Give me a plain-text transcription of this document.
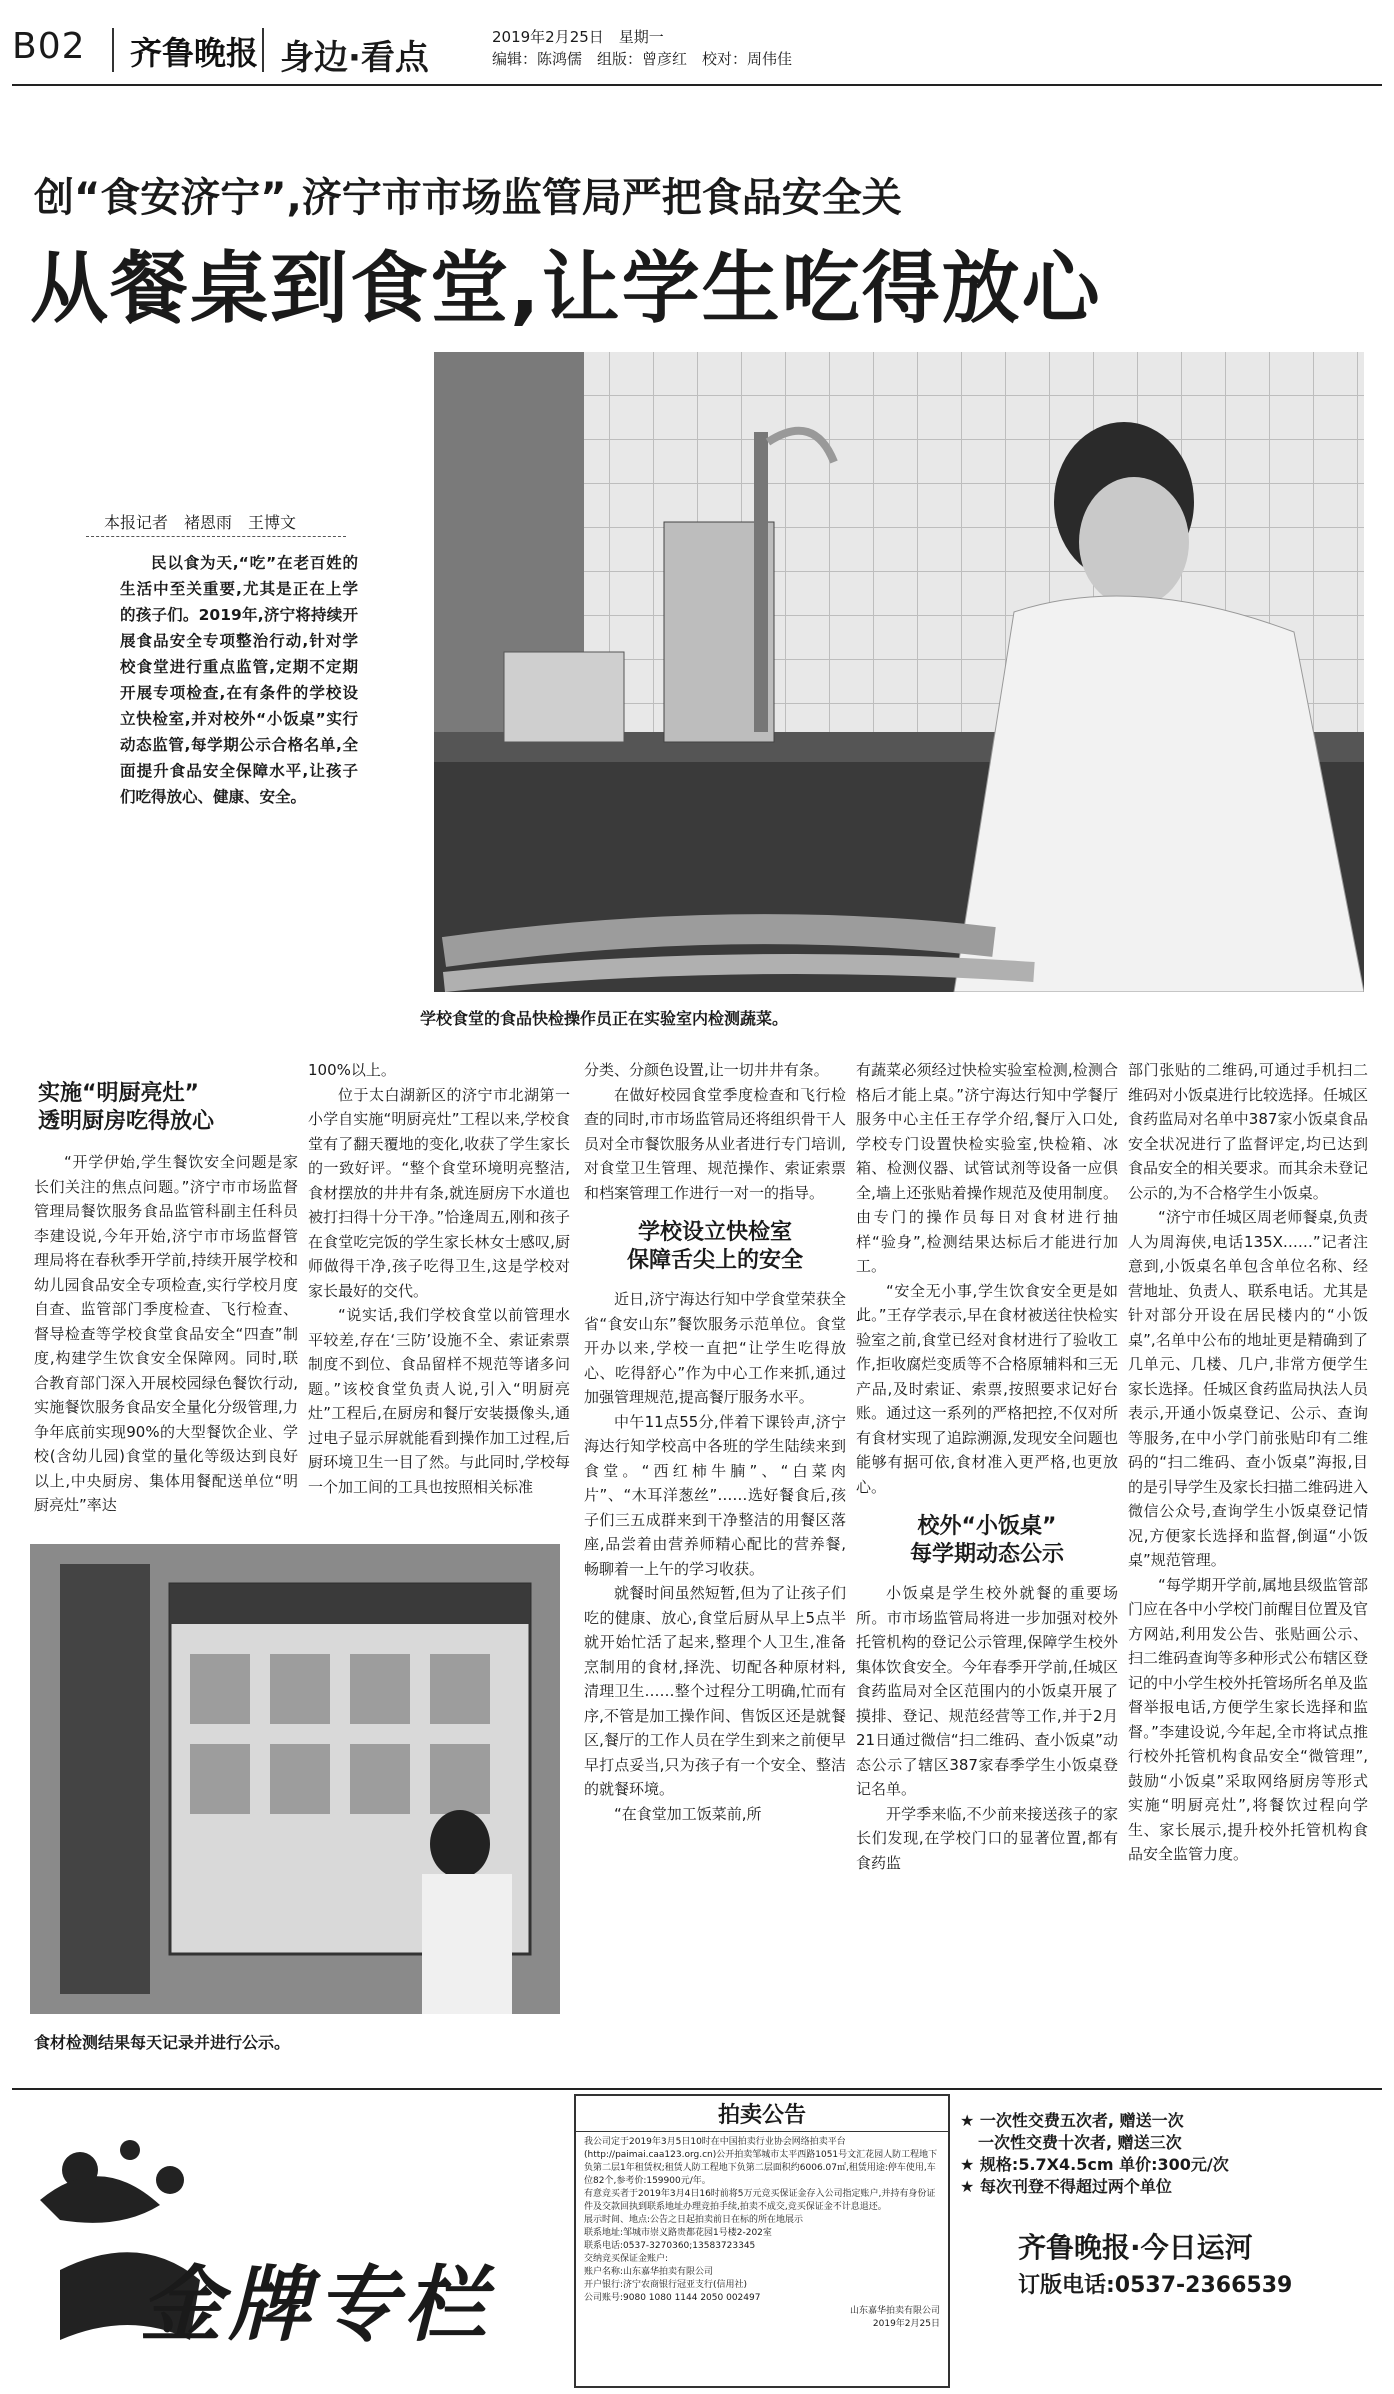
B02 齐鲁晚报 身边·看点
2019年2月25日　星期一
编辑：陈鸿儒　组版：曾彦红　校对：周伟佳
创“食安济宁”,济宁市市场监管局严把食品安全关
从餐桌到食堂,让学生吃得放心
本报记者　褚恩雨　王博文

民以食为天,“吃”在老百姓的生活中至关重要,尤其是正在上学的孩子们。2019年,济宁将持续开展食品安全专项整治行动,针对学校食堂进行重点监管,定期不定期开展专项检查,在有条件的学校设立快检室,并对校外“小饭桌”实行动态监管,每学期公示合格名单,全面提升食品安全保障水平,让孩子们吃得放心、健康、安全。

学校食堂的食品快检操作员正在实验室内检测蔬菜。
实施“明厨亮灶”
透明厨房吃得放心

“开学伊始,学生餐饮安全问题是家长们关注的焦点问题。”济宁市市场监督管理局餐饮服务食品监管科副主任科员李建设说,今年开始,济宁市市场监督管理局将在春秋季开学前,持续开展学校和幼儿园食品安全专项检查,实行学校月度自查、监管部门季度检查、飞行检查、督导检查等学校食堂食品安全“四查”制度,构建学生饮食安全保障网。同时,联合教育部门深入开展校园绿色餐饮行动,实施餐饮服务食品安全量化分级管理,力争年底前实现90%的大型餐饮企业、学校(含幼儿园)食堂的量化等级达到良好以上,中央厨房、集体用餐配送单位“明厨亮灶”率达

100%以上。

位于太白湖新区的济宁市北湖第一小学自实施“明厨亮灶”工程以来,学校食堂有了翻天覆地的变化,收获了学生家长的一致好评。“整个食堂环境明亮整洁,食材摆放的井井有条,就连厨房下水道也被打扫得十分干净。”恰逢周五,刚和孩子在食堂吃完饭的学生家长林女士感叹,厨师做得干净,孩子吃得卫生,这是学校对家长最好的交代。

“说实话,我们学校食堂以前管理水平较差,存在‘三防’设施不全、索证索票制度不到位、食品留样不规范等诸多问题。”该校食堂负责人说,引入“明厨亮灶”工程后,在厨房和餐厅安装摄像头,通过电子显示屏就能看到操作加工过程,后厨环境卫生一目了然。与此同时,学校每一个加工间的工具也按照相关标准

食材检测结果每天记录并进行公示。

分类、分颜色设置,让一切井井有条。

在做好校园食堂季度检查和飞行检查的同时,市市场监管局还将组织骨干人员对全市餐饮服务从业者进行专门培训,对食堂卫生管理、规范操作、索证索票和档案管理工作进行一对一的指导。

学校设立快检室
保障舌尖上的安全

近日,济宁海达行知中学食堂荣获全省“食安山东”餐饮服务示范单位。食堂开办以来,学校一直把“让学生吃得放心、吃得舒心”作为中心工作来抓,通过加强管理规范,提高餐厅服务水平。

中午11点55分,伴着下课铃声,济宁海达行知学校高中各班的学生陆续来到食堂。“西红柿牛腩”、“白菜肉片”、“木耳洋葱丝”……选好餐食后,孩子们三五成群来到干净整洁的用餐区落座,品尝着由营养师精心配比的营养餐,畅聊着一上午的学习收获。

就餐时间虽然短暂,但为了让孩子们吃的健康、放心,食堂后厨从早上5点半就开始忙活了起来,整理个人卫生,准备烹制用的食材,择洗、切配各种原材料,清理卫生……整个过程分工明确,忙而有序,不管是加工操作间、售饭区还是就餐区,餐厅的工作人员在学生到来之前便早早打点妥当,只为孩子有一个安全、整洁的就餐环境。

“在食堂加工饭菜前,所

有蔬菜必须经过快检实验室检测,检测合格后才能上桌。”济宁海达行知中学餐厅服务中心主任王存学介绍,餐厅入口处,学校专门设置快检实验室,快检箱、冰箱、检测仪器、试管试剂等设备一应俱全,墙上还张贴着操作规范及使用制度。由专门的操作员每日对食材进行抽样“验身”,检测结果达标后才能进行加工。

“安全无小事,学生饮食安全更是如此。”王存学表示,早在食材被送往快检实验室之前,食堂已经对食材进行了验收工作,拒收腐烂变质等不合格原辅料和三无产品,及时索证、索票,按照要求记好台账。通过这一系列的严格把控,不仅对所有食材实现了追踪溯源,发现安全问题也能够有据可依,食材准入更严格,也更放心。

校外“小饭桌”
每学期动态公示

小饭桌是学生校外就餐的重要场所。市市场监管局将进一步加强对校外托管机构的登记公示管理,保障学生校外集体饮食安全。今年春季开学前,任城区食药监局对全区范围内的小饭桌开展了摸排、登记、规范经营等工作,并于2月21日通过微信“扫二维码、查小饭桌”动态公示了辖区387家春季学生小饭桌登记名单。

开学季来临,不少前来接送孩子的家长们发现,在学校门口的显著位置,都有食药监

部门张贴的二维码,可通过手机扫二维码对小饭桌进行比较选择。任城区食药监局对名单中387家小饭桌食品安全状况进行了监督评定,均已达到食品安全的相关要求。而其余未登记公示的,为不合格学生小饭桌。

“济宁市任城区周老师餐桌,负责人为周海侠,电话135X……”记者注意到,小饭桌名单包含单位名称、经营地址、负责人、联系电话。尤其是针对部分开设在居民楼内的“小饭桌”,名单中公布的地址更是精确到了几单元、几楼、几户,非常方便学生家长选择。任城区食药监局执法人员表示,开通小饭桌登记、公示、查询等服务,在中小学门前张贴印有二维码的“扫二维码、查小饭桌”海报,目的是引导学生及家长扫描二维码进入微信公众号,查询学生小饭桌登记情况,方便家长选择和监督,倒逼“小饭桌”规范管理。

“每学期开学前,属地县级监管部门应在各中小学校门前醒目位置及官方网站,利用发公告、张贴画公示、扫二维码查询等多种形式公布辖区登记的中小学生校外托管场所名单及监督举报电话,方便学生家长选择和监督。”李建设说,今年起,全市将试点推行校外托管机构食品安全“微管理”,鼓励“小饭桌”采取网络厨房等形式实施“明厨亮灶”,将餐饮过程向学生、家长展示,提升校外托管机构食品安全监管力度。

金牌专栏
拍卖公告
我公司定于2019年3月5日10时在中国拍卖行业协会网络拍卖平台(http://paimai.caa123.org.cn)公开拍卖邹城市太平西路1051号文汇花园人防工程地下负第二层1年租赁权;租赁人防工程地下负第二层面积约6006.07㎡,租赁用途:停车使用,车位82个,参考价:159900元/年。
有意竞买者于2019年3月4日16时前将5万元竞买保证金存入公司指定账户,并持有身份证件及交款回执到联系地址办理竞拍手续,拍卖不成交,竞买保证金不计息退还。
展示时间、地点:公告之日起拍卖前日在标的所在地展示
联系地址:邹城市崇义路贵都花园1号楼2-202室
联系电话:0537-3270360;13583723345
交纳竞买保证金账户:
账户名称:山东嘉华拍卖有限公司
开户银行:济宁农商银行冠亚支行(信用社)
公司账号:9080 1080 1144 2050 002497
山东嘉华拍卖有限公司
2019年2月25日
★ 一次性交费五次者, 赠送一次
一次性交费十次者, 赠送三次
★ 规格:5.7X4.5cm 单价:300元/次
★ 每次刊登不得超过两个单位
齐鲁晚报·今日运河
订版电话:0537-2366539
